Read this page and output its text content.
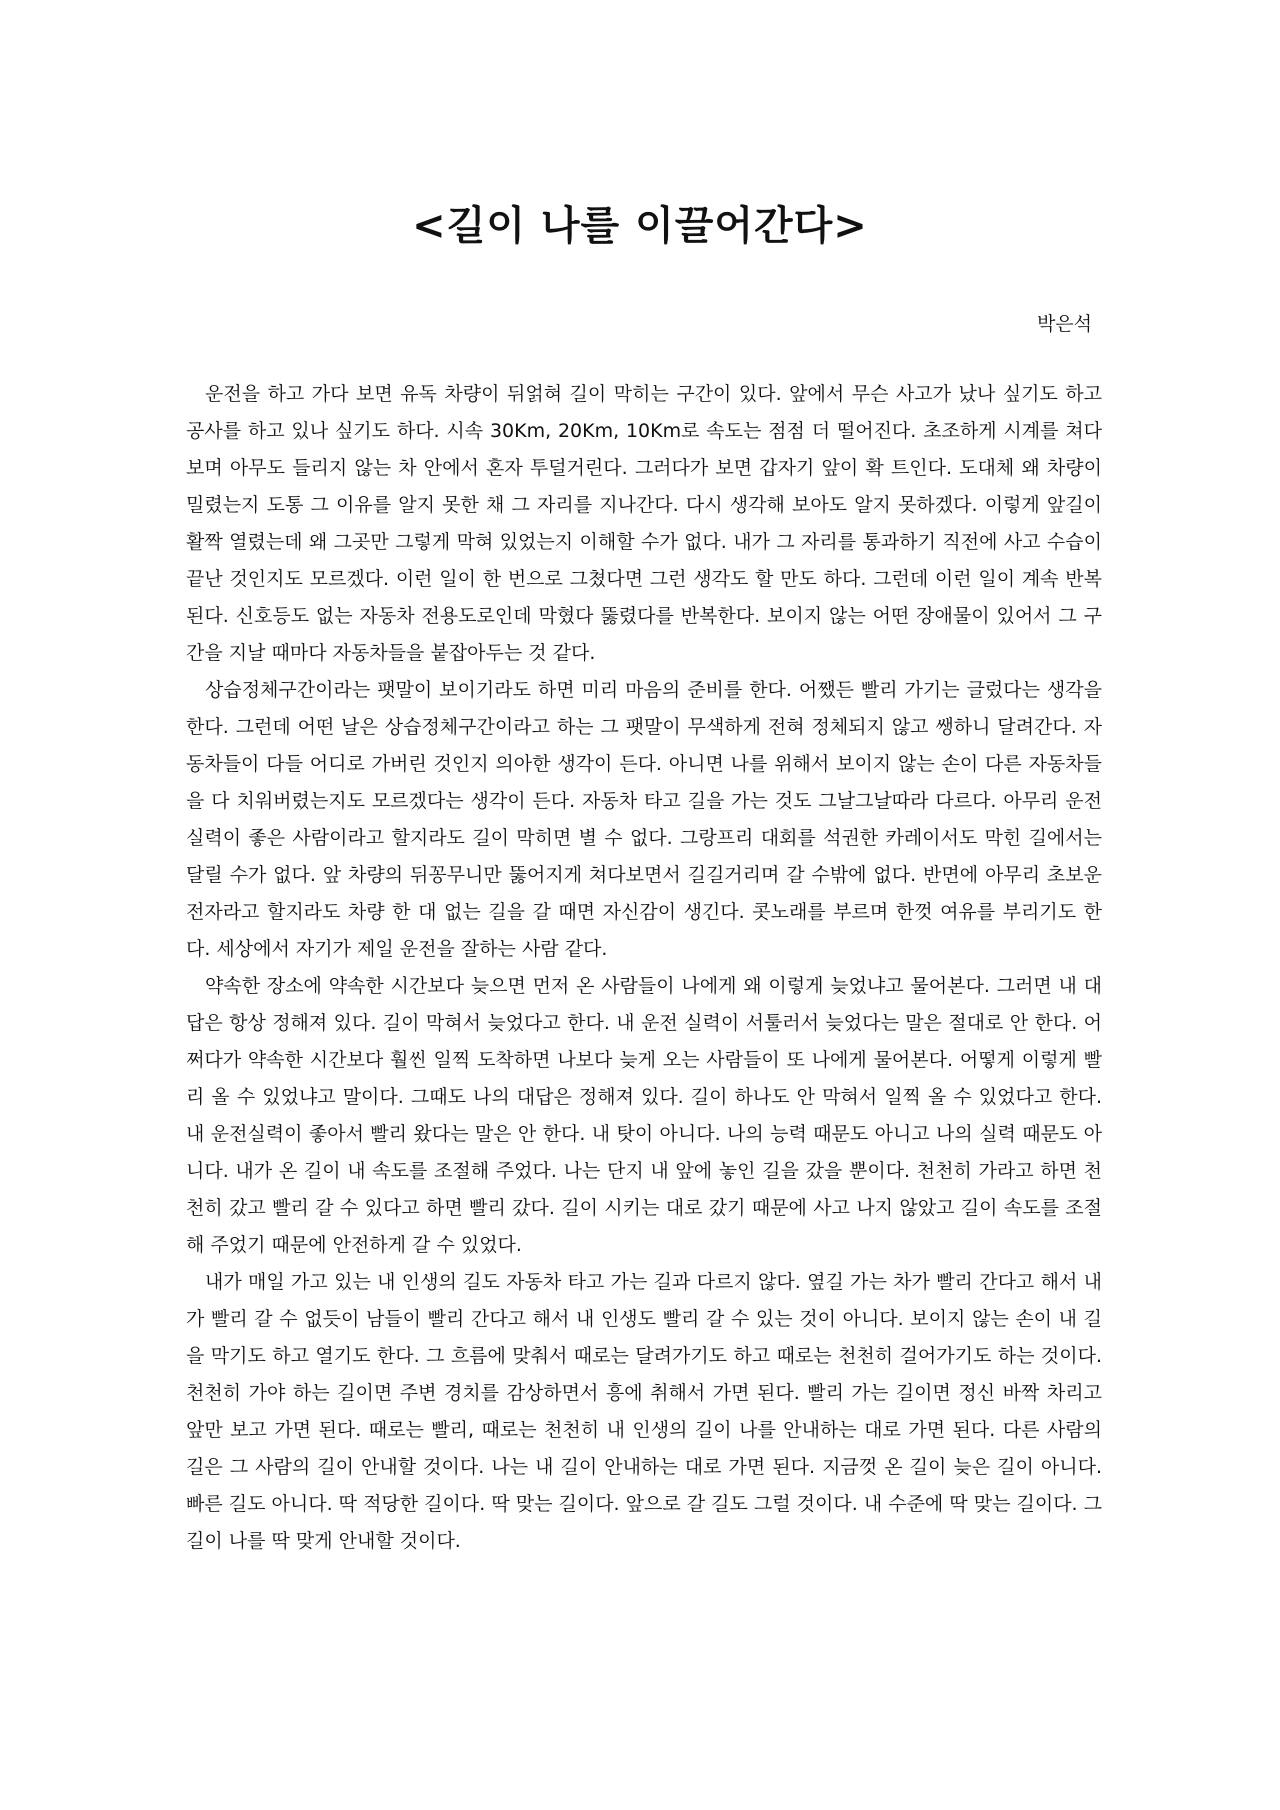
<길이 나를 이끌어간다>
박은석

운전을 하고 가다 보면 유독 차량이 뒤얽혀 길이 막히는 구간이 있다. 앞에서 무슨 사고가 났나 싶기도 하고 공사를 하고 있나 싶기도 하다. 시속 30Km, 20Km, 10Km로 속도는 점점 더 떨어진다. 초조하게 시계를 쳐다보며 아무도 들리지 않는 차 안에서 혼자 투덜거린다. 그러다가 보면 갑자기 앞이 확 트인다. 도대체 왜 차량이 밀렸는지 도통 그 이유를 알지 못한 채 그 자리를 지나간다. 다시 생각해 보아도 알지 못하겠다. 이렇게 앞길이 활짝 열렸는데 왜 그곳만 그렇게 막혀 있었는지 이해할 수가 없다. 내가 그 자리를 통과하기 직전에 사고 수습이 끝난 것인지도 모르겠다. 이런 일이 한 번으로 그쳤다면 그런 생각도 할 만도 하다. 그런데 이런 일이 계속 반복된다. 신호등도 없는 자동차 전용도로인데 막혔다 뚫렸다를 반복한다. 보이지 않는 어떤 장애물이 있어서 그 구간을 지날 때마다 자동차들을 붙잡아두는 것 같다.

상습정체구간이라는 팻말이 보이기라도 하면 미리 마음의 준비를 한다. 어쨌든 빨리 가기는 글렀다는 생각을 한다. 그런데 어떤 날은 상습정체구간이라고 하는 그 팻말이 무색하게 전혀 정체되지 않고 쌩하니 달려간다. 자동차들이 다들 어디로 가버린 것인지 의아한 생각이 든다. 아니면 나를 위해서 보이지 않는 손이 다른 자동차들을 다 치워버렸는지도 모르겠다는 생각이 든다. 자동차 타고 길을 가는 것도 그날그날따라 다르다. 아무리 운전 실력이 좋은 사람이라고 할지라도 길이 막히면 별 수 없다. 그랑프리 대회를 석권한 카레이서도 막힌 길에서는 달릴 수가 없다. 앞 차량의 뒤꽁무니만 뚫어지게 쳐다보면서 길길거리며 갈 수밖에 없다. 반면에 아무리 초보운전자라고 할지라도 차량 한 대 없는 길을 갈 때면 자신감이 생긴다. 콧노래를 부르며 한껏 여유를 부리기도 한다. 세상에서 자기가 제일 운전을 잘하는 사람 같다.

약속한 장소에 약속한 시간보다 늦으면 먼저 온 사람들이 나에게 왜 이렇게 늦었냐고 물어본다. 그러면 내 대답은 항상 정해져 있다. 길이 막혀서 늦었다고 한다. 내 운전 실력이 서툴러서 늦었다는 말은 절대로 안 한다. 어쩌다가 약속한 시간보다 훨씬 일찍 도착하면 나보다 늦게 오는 사람들이 또 나에게 물어본다. 어떻게 이렇게 빨리 올 수 있었냐고 말이다. 그때도 나의 대답은 정해져 있다. 길이 하나도 안 막혀서 일찍 올 수 있었다고 한다. 내 운전실력이 좋아서 빨리 왔다는 말은 안 한다. 내 탓이 아니다. 나의 능력 때문도 아니고 나의 실력 때문도 아니다. 내가 온 길이 내 속도를 조절해 주었다. 나는 단지 내 앞에 놓인 길을 갔을 뿐이다. 천천히 가라고 하면 천천히 갔고 빨리 갈 수 있다고 하면 빨리 갔다. 길이 시키는 대로 갔기 때문에 사고 나지 않았고 길이 속도를 조절해 주었기 때문에 안전하게 갈 수 있었다.

내가 매일 가고 있는 내 인생의 길도 자동차 타고 가는 길과 다르지 않다. 옆길 가는 차가 빨리 간다고 해서 내가 빨리 갈 수 없듯이 남들이 빨리 간다고 해서 내 인생도 빨리 갈 수 있는 것이 아니다. 보이지 않는 손이 내 길을 막기도 하고 열기도 한다. 그 흐름에 맞춰서 때로는 달려가기도 하고 때로는 천천히 걸어가기도 하는 것이다. 천천히 가야 하는 길이면 주변 경치를 감상하면서 흥에 취해서 가면 된다. 빨리 가는 길이면 정신 바짝 차리고 앞만 보고 가면 된다. 때로는 빨리, 때로는 천천히 내 인생의 길이 나를 안내하는 대로 가면 된다. 다른 사람의 길은 그 사람의 길이 안내할 것이다. 나는 내 길이 안내하는 대로 가면 된다. 지금껏 온 길이 늦은 길이 아니다. 빠른 길도 아니다. 딱 적당한 길이다. 딱 맞는 길이다. 앞으로 갈 길도 그럴 것이다. 내 수준에 딱 맞는 길이다. 그 길이 나를 딱 맞게 안내할 것이다.
